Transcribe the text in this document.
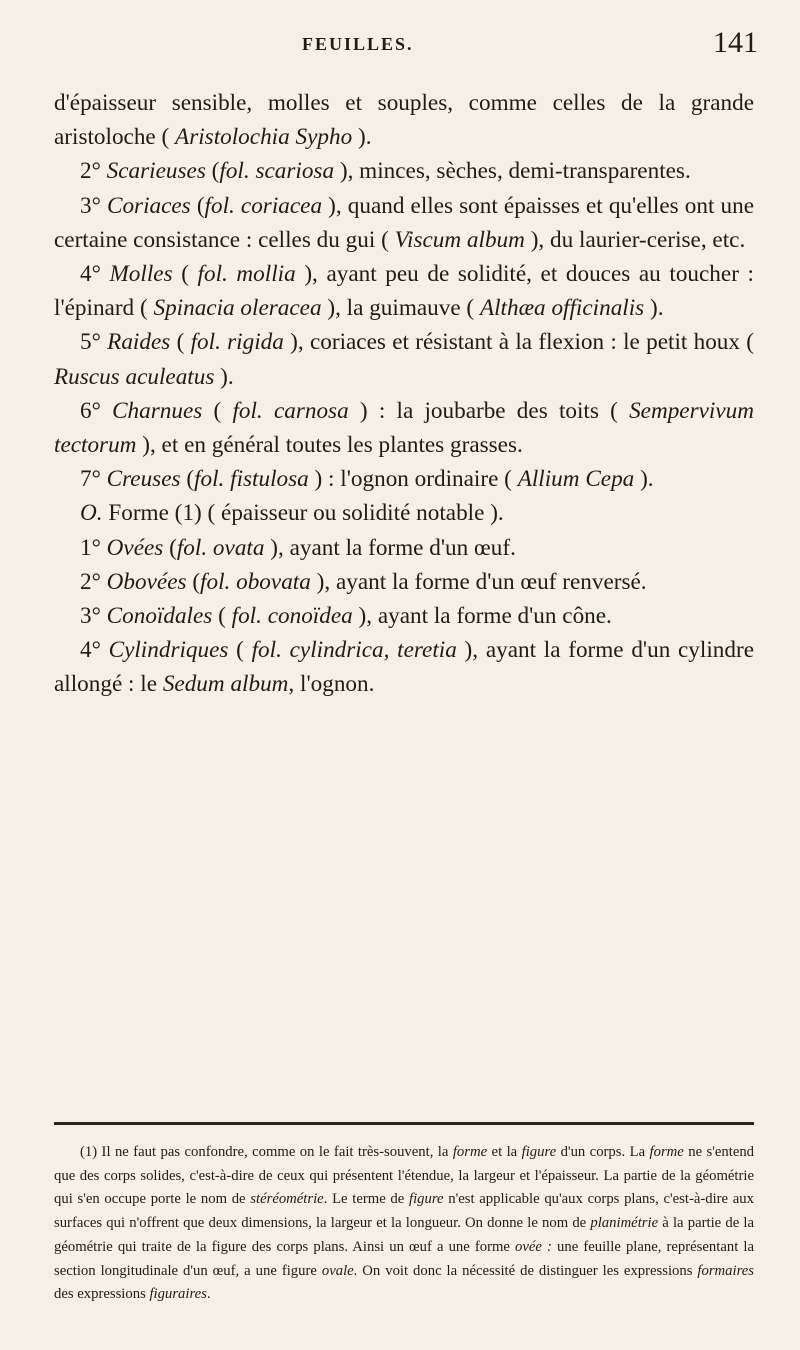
FEUILLES.	141

d'épaisseur sensible, molles et souples, comme celles de la grande aristoloche ( Aristolochia Sypho ).

2° Scarieuses (fol. scariosa ), minces, sèches, demi-transparentes.

3° Coriaces (fol. coriacea ), quand elles sont épaisses et qu'elles ont une certaine consistance : celles du gui ( Viscum album ), du laurier-cerise, etc.

4° Molles ( fol. mollia ), ayant peu de solidité, et douces au toucher : l'épinard ( Spinacia oleracea ), la guimauve ( Althæa officinalis ).

5° Raides ( fol. rigida ), coriaces et résistant à la flexion : le petit houx ( Ruscus aculeatus ).

6° Charnues ( fol. carnosa ) : la joubarbe des toits ( Sempervivum tectorum ), et en général toutes les plantes grasses.

7° Creuses (fol. fistulosa ) : l'ognon ordinaire ( Allium Cepa ).

O. Forme (1) ( épaisseur ou solidité notable ).

1° Ovées (fol. ovata ), ayant la forme d'un œuf.

2° Obovées (fol. obovata ), ayant la forme d'un œuf renversé.

3° Conoïdales ( fol. conoïdea ), ayant la forme d'un cône.

4° Cylindriques ( fol. cylindrica, teretia ), ayant la forme d'un cylindre allongé : le Sedum album, l'ognon.

(1) Il ne faut pas confondre, comme on le fait très-souvent, la forme et la figure d'un corps. La forme ne s'entend que des corps solides, c'est-à-dire de ceux qui présentent l'étendue, la largeur et l'épaisseur. La partie de la géométrie qui s'en occupe porte le nom de stéréométrie. Le terme de figure n'est applicable qu'aux corps plans, c'est-à-dire aux surfaces qui n'offrent que deux dimensions, la largeur et la longueur. On donne le nom de planimétrie à la partie de la géométrie qui traite de la figure des corps plans. Ainsi un œuf a une forme ovée : une feuille plane, représentant la section longitudinale d'un œuf, a une figure ovale. On voit donc la nécessité de distinguer les expressions formaires des expressions figuraires.
